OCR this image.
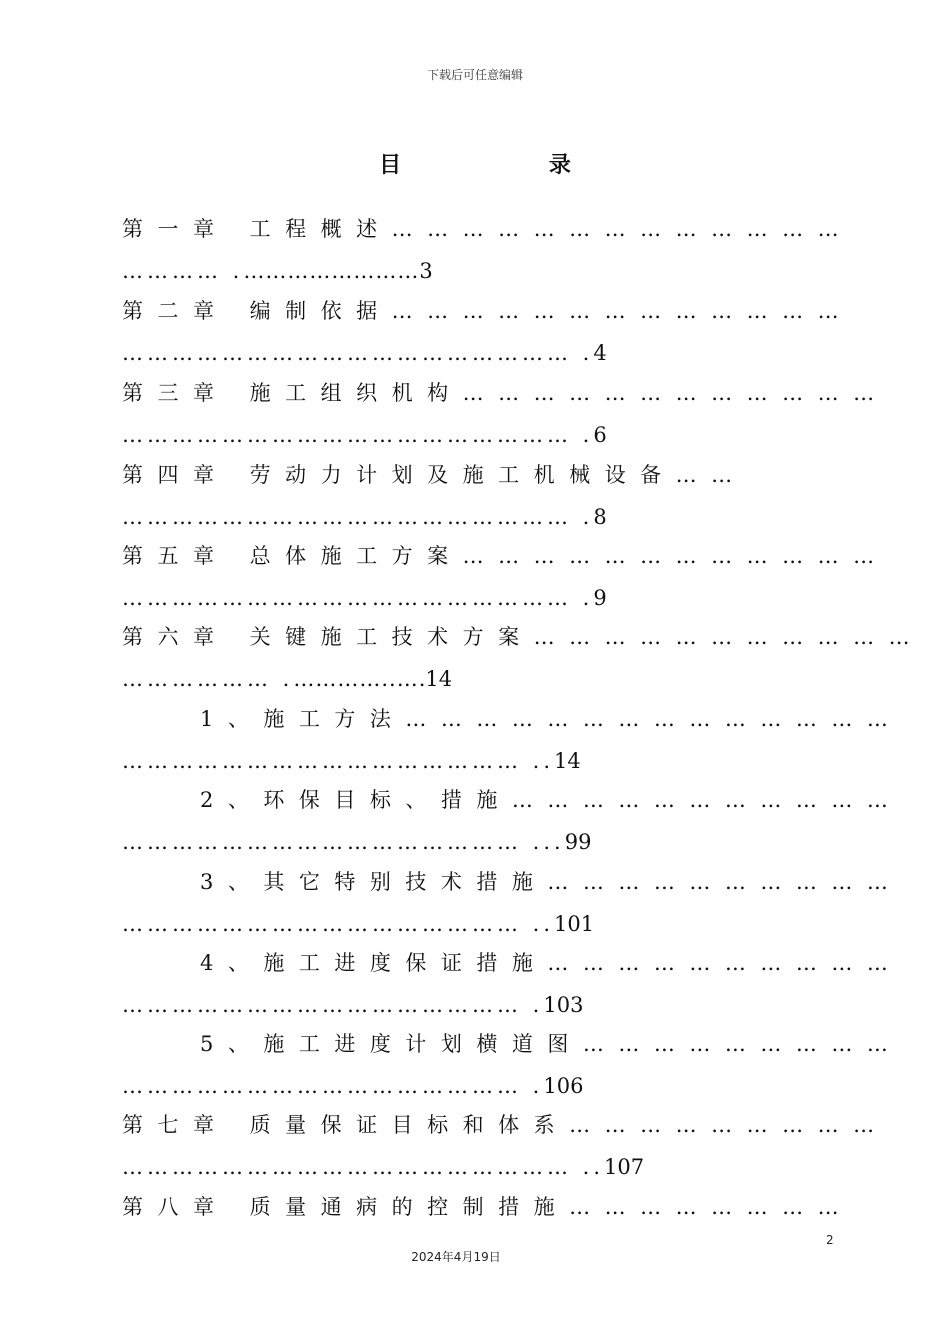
下载后可任意编辑
目 录
第一章 工程概述…………………………………
………… .……………………3
第二章 编制依据…………………………………
……………………………………………… .4
第三章 施工组织机构………………………………
……………………………………………… .6
第四章 劳动力计划及施工机械设备……
……………………………………………… .8
第五章 总体施工方案………………………………
……………………………………………… .9
第六章 关键施工技术方案……………………………
……………… .…………..….14
1、施工方法……………………………………
………………………………………… ..14
2、环保目标、措施……………………………
………………………………………… ...99
3、其它特别技术措施…………………………
………………………………………… ..101
4、施工进度保证措施…………………………
………………………………………… .103
5、施工进度计划横道图………………………
………………………………………… .106
第七章 质量保证目标和体系………………………
……………………………………………… ..107
第八章 质量通病的控制措施……………………
2
2024年4月19日
